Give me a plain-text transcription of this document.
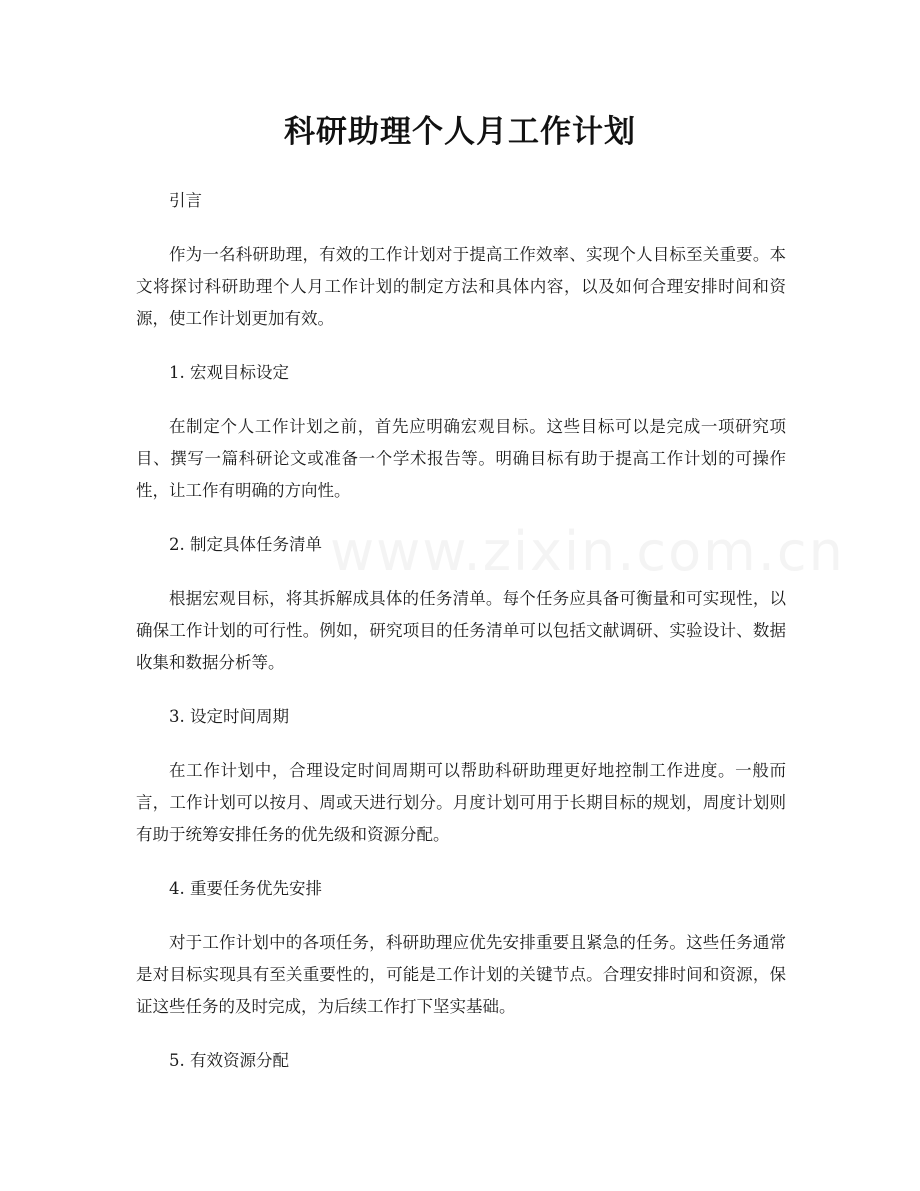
www.zixin.com.cn
科研助理个人月工作计划
引言

作为一名科研助理，有效的工作计划对于提高工作效率、实现个人目标至关重要。本文将探讨科研助理个人月工作计划的制定方法和具体内容，以及如何合理安排时间和资源，使工作计划更加有效。

1. 宏观目标设定

在制定个人工作计划之前，首先应明确宏观目标。这些目标可以是完成一项研究项目、撰写一篇科研论文或准备一个学术报告等。明确目标有助于提高工作计划的可操作性，让工作有明确的方向性。

2. 制定具体任务清单

根据宏观目标，将其拆解成具体的任务清单。每个任务应具备可衡量和可实现性，以确保工作计划的可行性。例如，研究项目的任务清单可以包括文献调研、实验设计、数据收集和数据分析等。

3. 设定时间周期

在工作计划中，合理设定时间周期可以帮助科研助理更好地控制工作进度。一般而言，工作计划可以按月、周或天进行划分。月度计划可用于长期目标的规划，周度计划则有助于统筹安排任务的优先级和资源分配。

4. 重要任务优先安排

对于工作计划中的各项任务，科研助理应优先安排重要且紧急的任务。这些任务通常是对目标实现具有至关重要性的，可能是工作计划的关键节点。合理安排时间和资源，保证这些任务的及时完成，为后续工作打下坚实基础。

5. 有效资源分配
